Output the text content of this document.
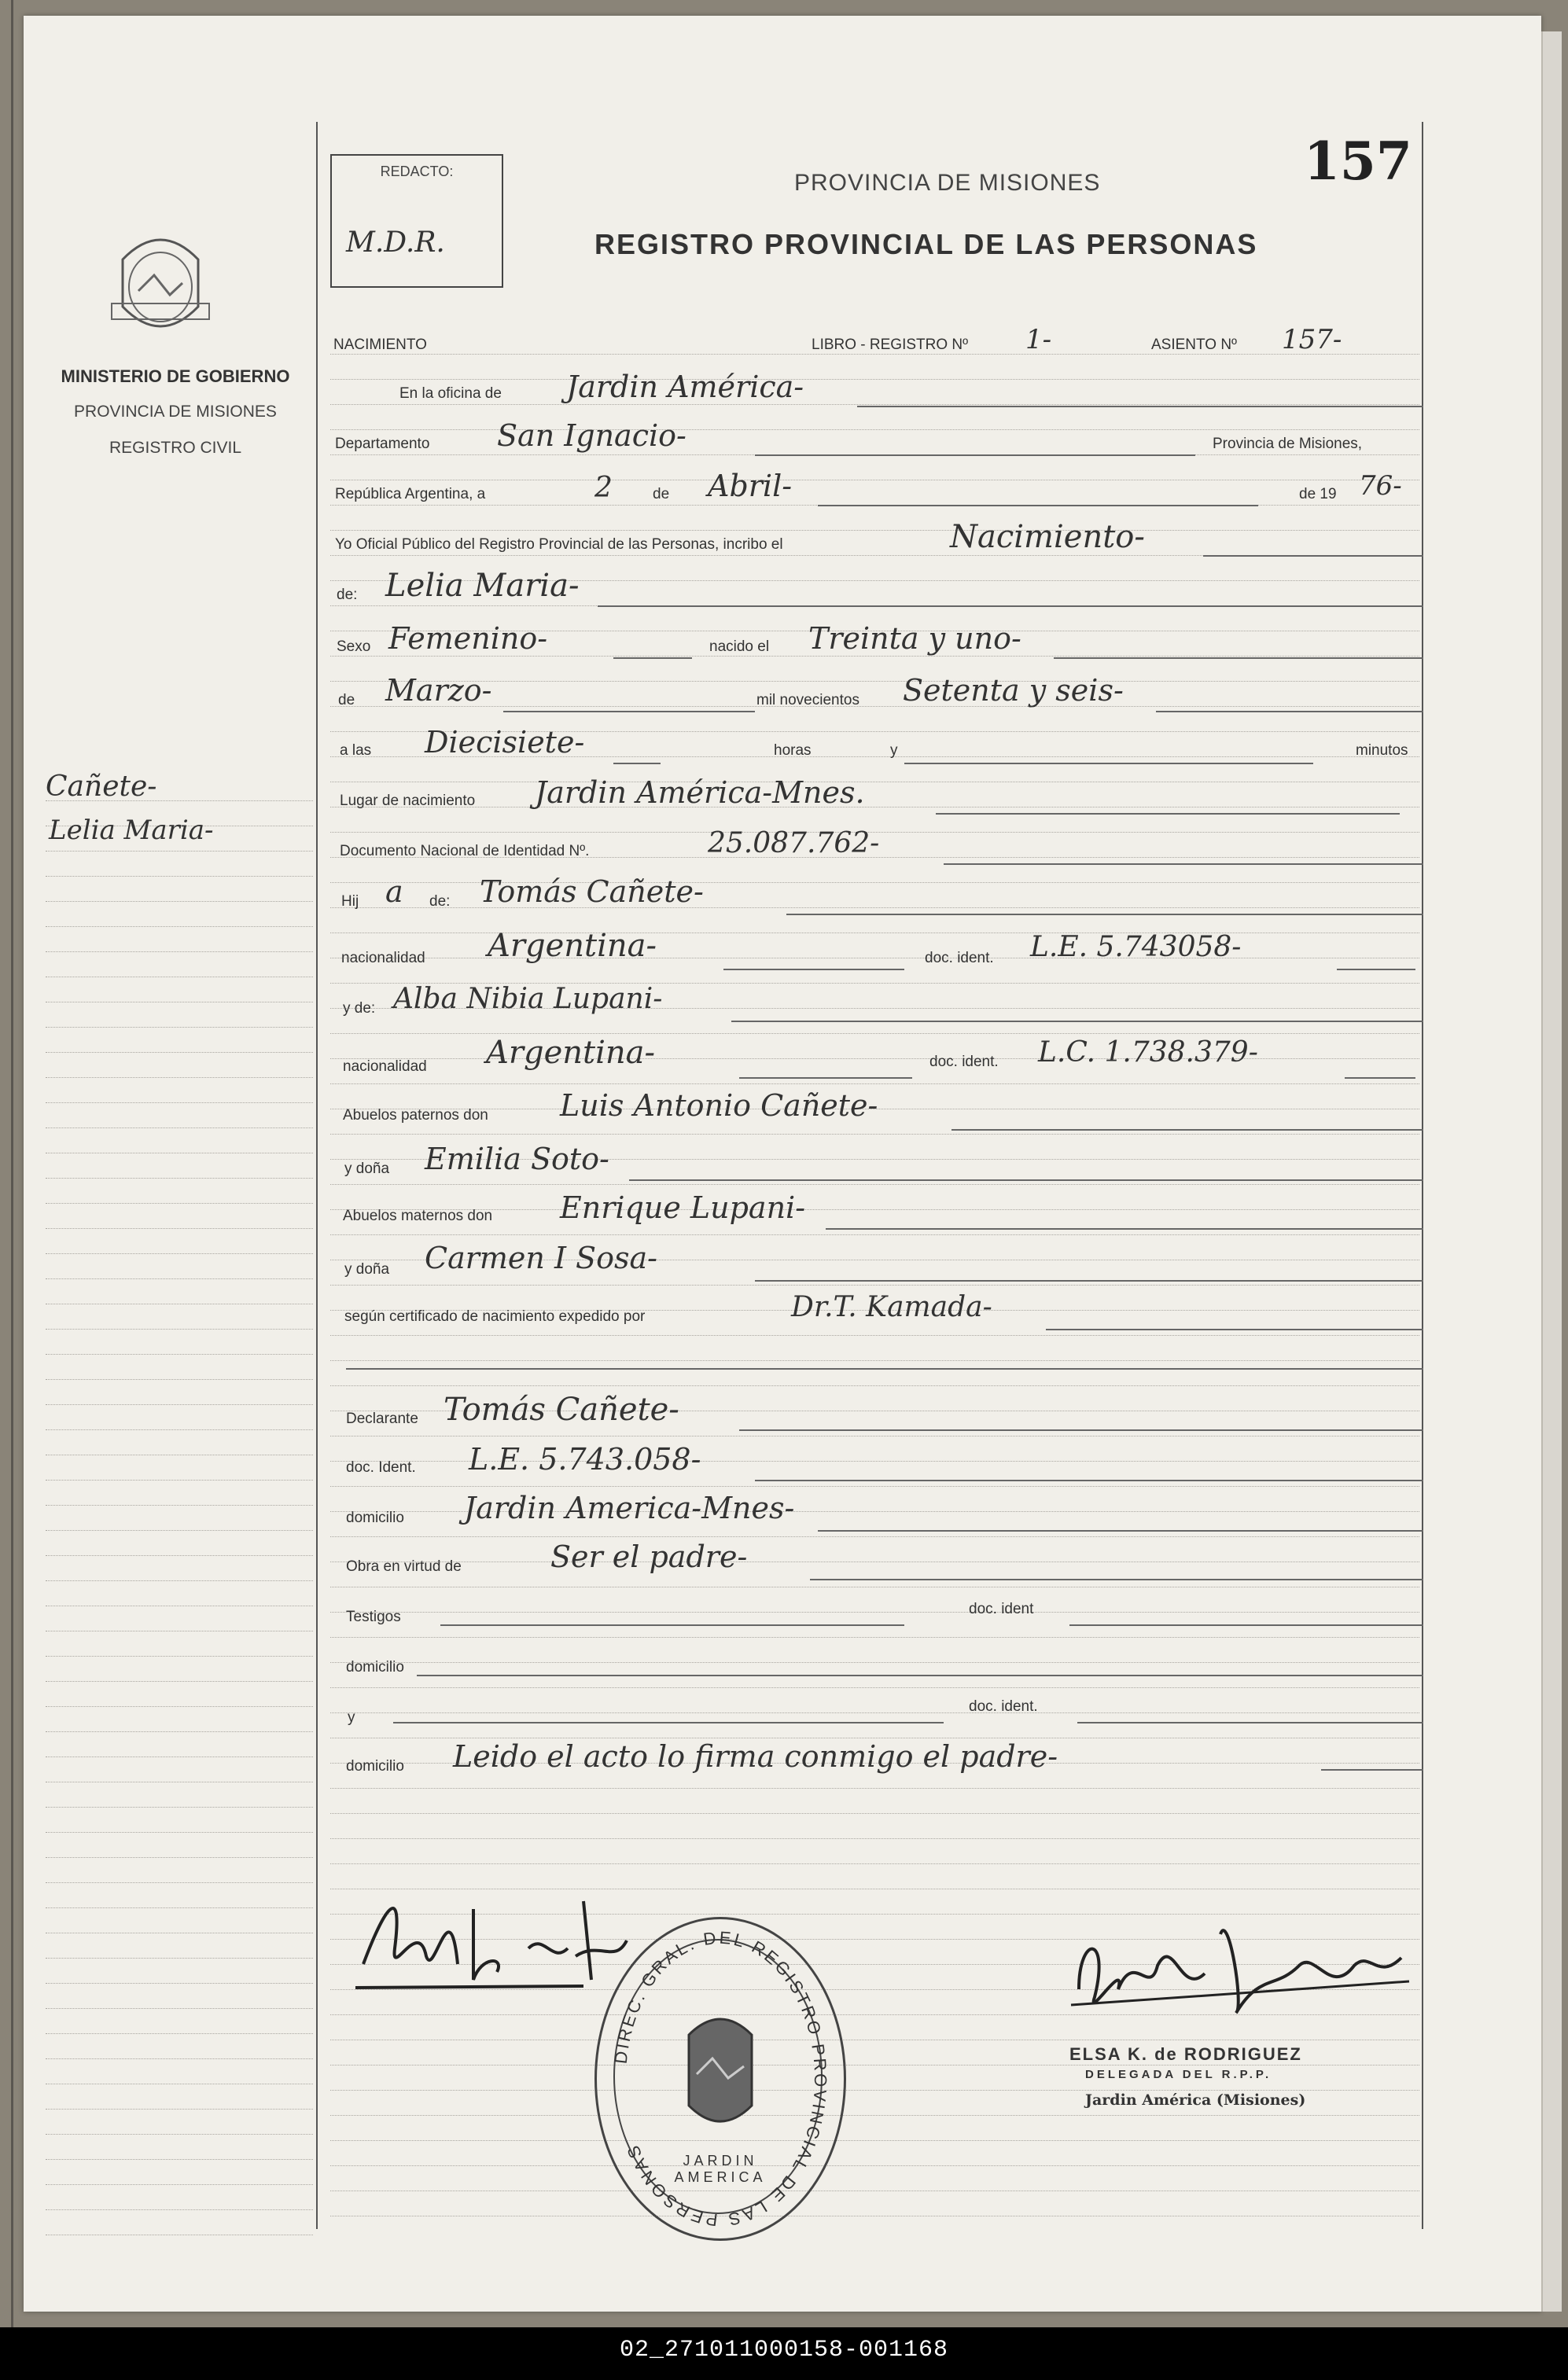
REDACTO:
M.D.R.
PROVINCIA DE MISIONES
REGISTRO PROVINCIAL DE LAS PERSONAS
157
MINISTERIO DE GOBIERNO
PROVINCIA DE MISIONES
REGISTRO CIVIL
Cañete-
Lelia Maria-
NACIMIENTO	LIBRO - REGISTRO Nº 1-	ASIENTO Nº 157-
En la oficina de Jardin América-
Departamento San Ignacio-	Provincia de Misiones,
República Argentina, a	2	de Abril-	de 19 76-
Yo Oficial Público del Registro Provincial de las Personas, incribo el	Nacimiento-
de: Lelia Maria-
Sexo Femenino-	nacido el Treinta y uno-
de Marzo-	mil novecientos Setenta y seis-
a las Diecisiete-	horas	y	minutos
Lugar de nacimiento Jardin América-Mnes.
Documento Nacional de Identidad Nº.	25.087.762-
Hij a de: Tomás Cañete-
nacionalidad Argentina-	doc. ident. L.E. 5.743058-
y de: Alba Nibia Lupani-
nacionalidad Argentina-	doc. ident. L.C. 1.738.379-
Abuelos paternos don Luis Antonio Cañete-
y doña Emilia Soto-
Abuelos maternos don Enrique Lupani-
y doña Carmen I Sosa-
según certificado de nacimiento expedido por	Dr.T. Kamada-
Declarante Tomás Cañete-
doc. Ident. L.E. 5.743.058-
domicilio Jardin America-Mnes-
Obra en virtud de	Ser el padre-
Testigos	doc. ident
domicilio
y
doc. ident.
domicilio Leido el acto lo firma conmigo el padre-
ELSA K. de RODRIGUEZ
DELEGADA DEL R.P.P.
Jardin América (Misiones)
DIREC. GRAL. DEL REGISTRO PROVINCIAL DE LAS PERSONAS	JARDIN AMERICA
02_271011000158-001168
